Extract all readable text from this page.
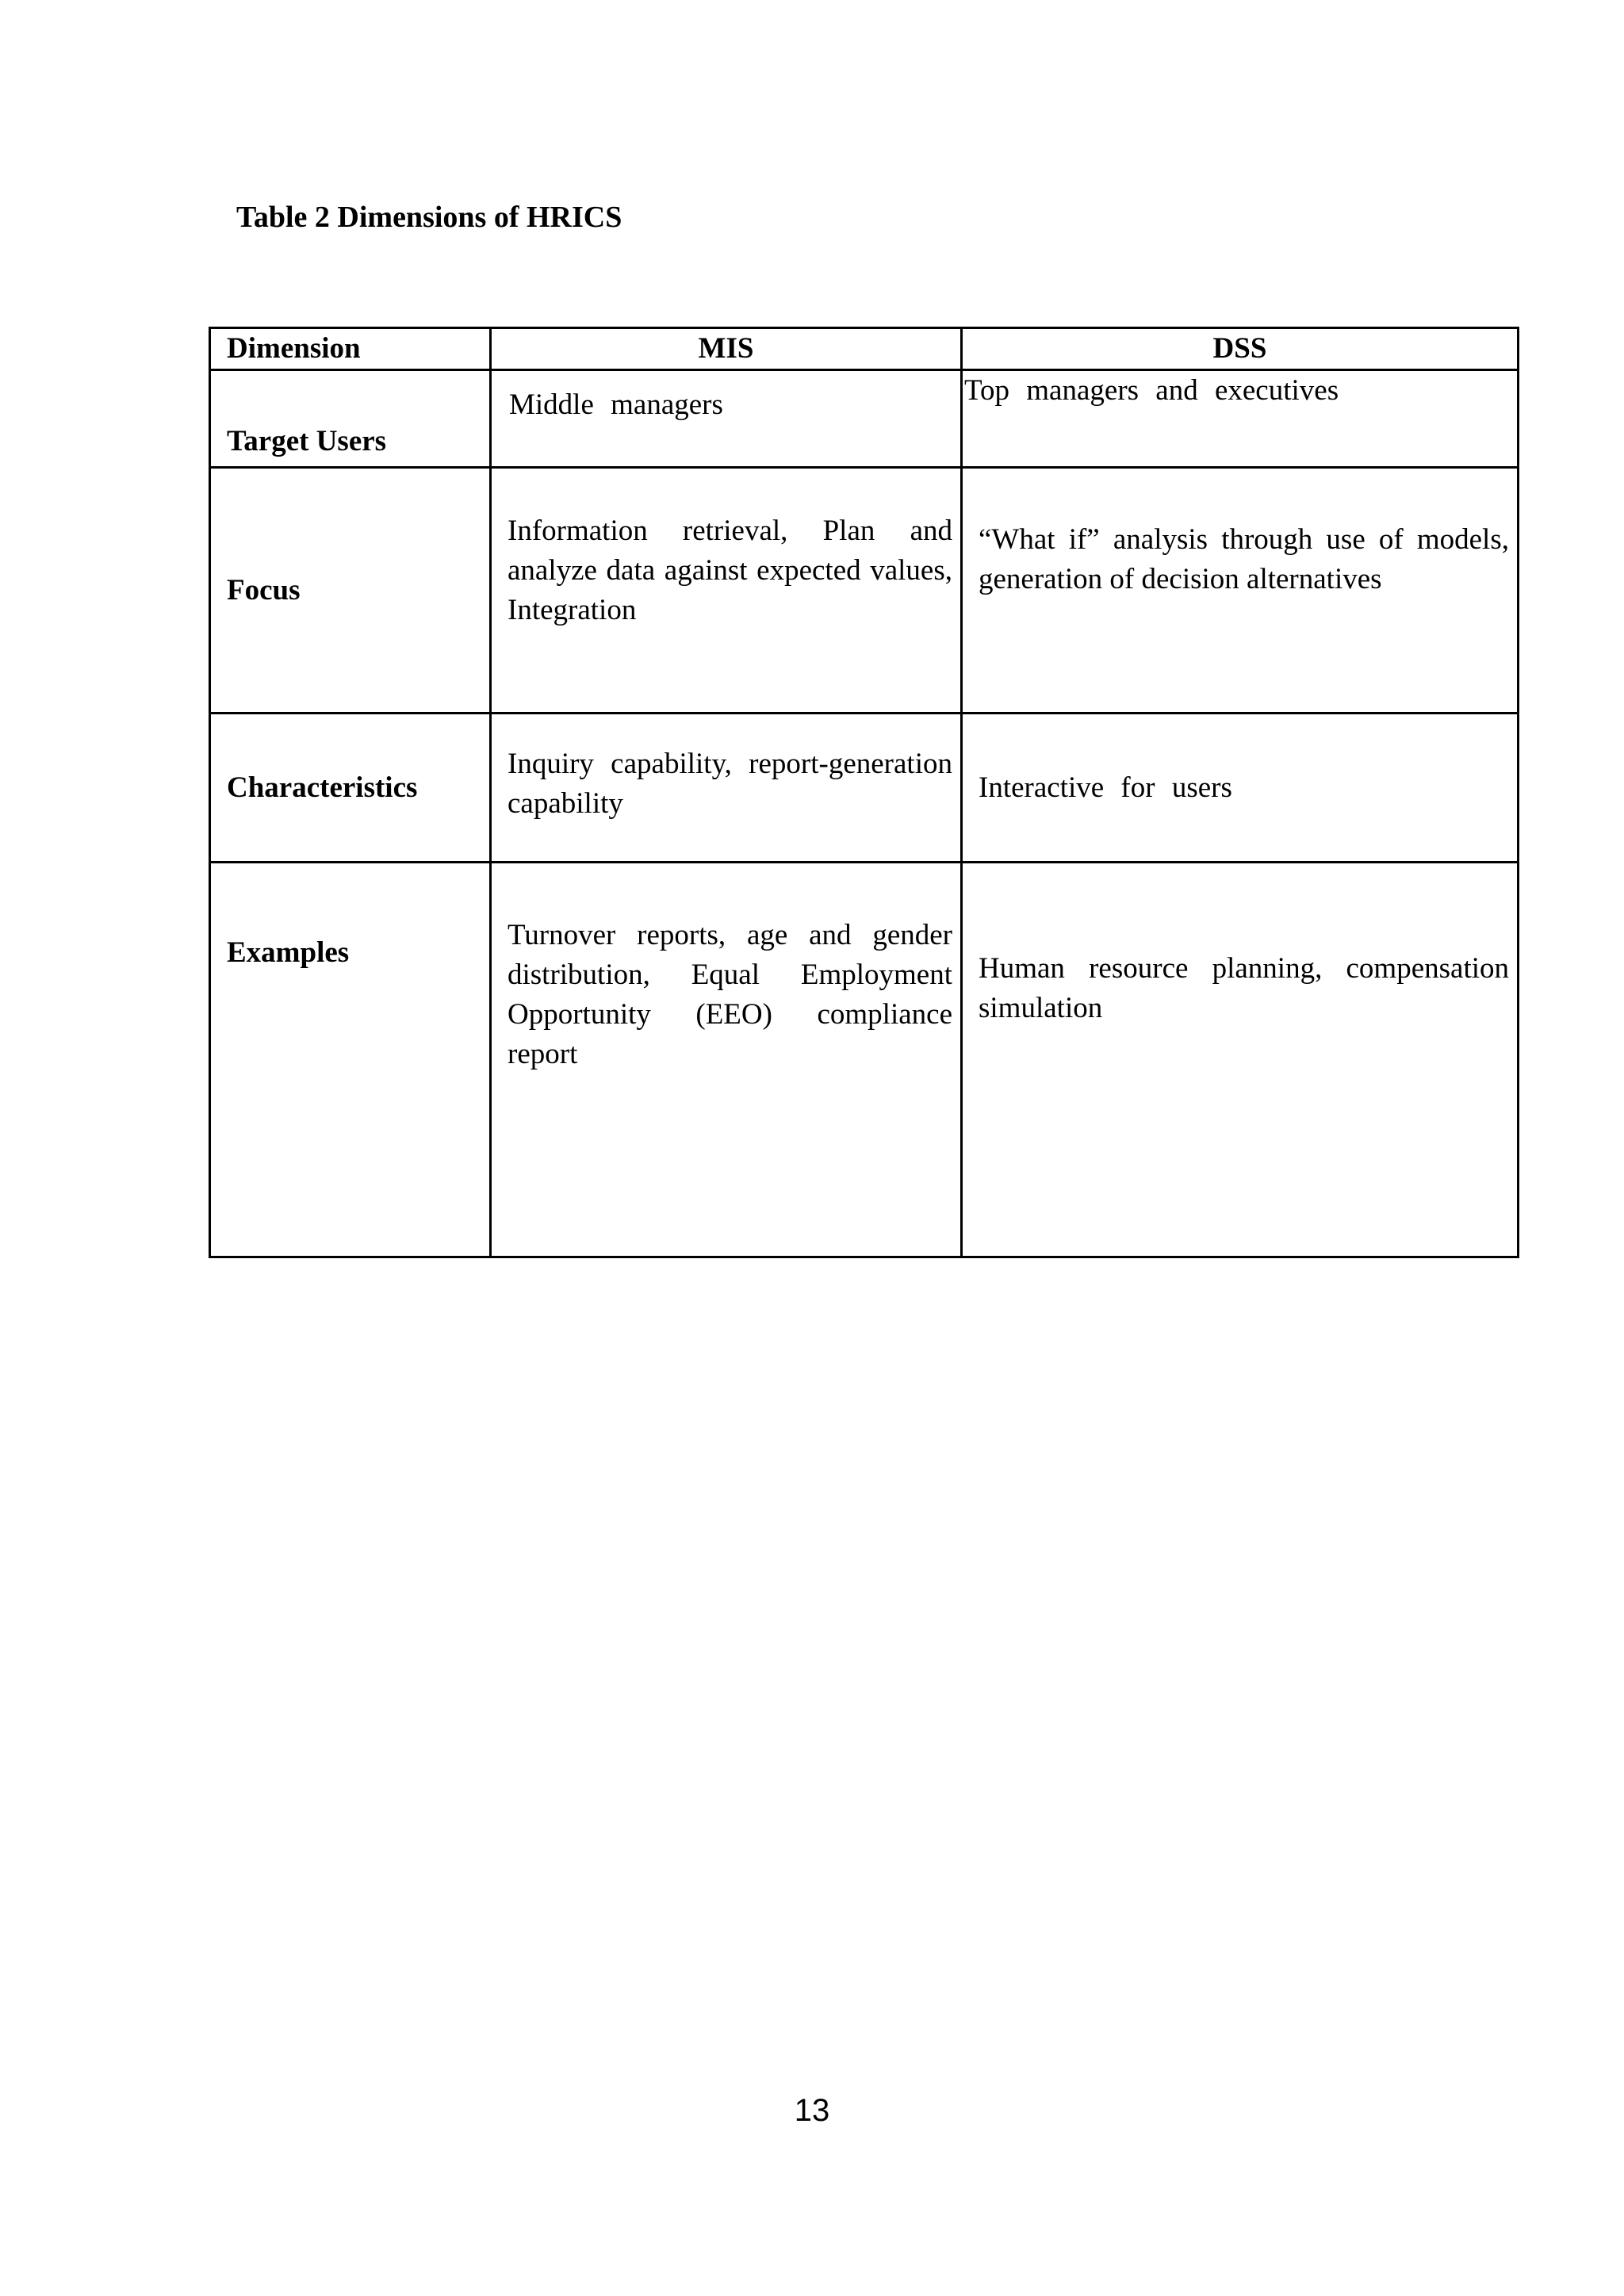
Table 2 Dimensions of HRICS
Dimension	MIS	DSS
Target Users	Middle managers	Top managers and executives

Focus	Information retrieval, Plan and analyze data against expected values, Integration	“What if” analysis through use of models, generation of decision alternatives

Characteristics	Inquiry capability, report-generation capability	Interactive for users

Examples	Turnover reports, age and gender distribution, Equal Employment Opportunity (EEO) compliance report	Human resource planning, compensation simulation
13
